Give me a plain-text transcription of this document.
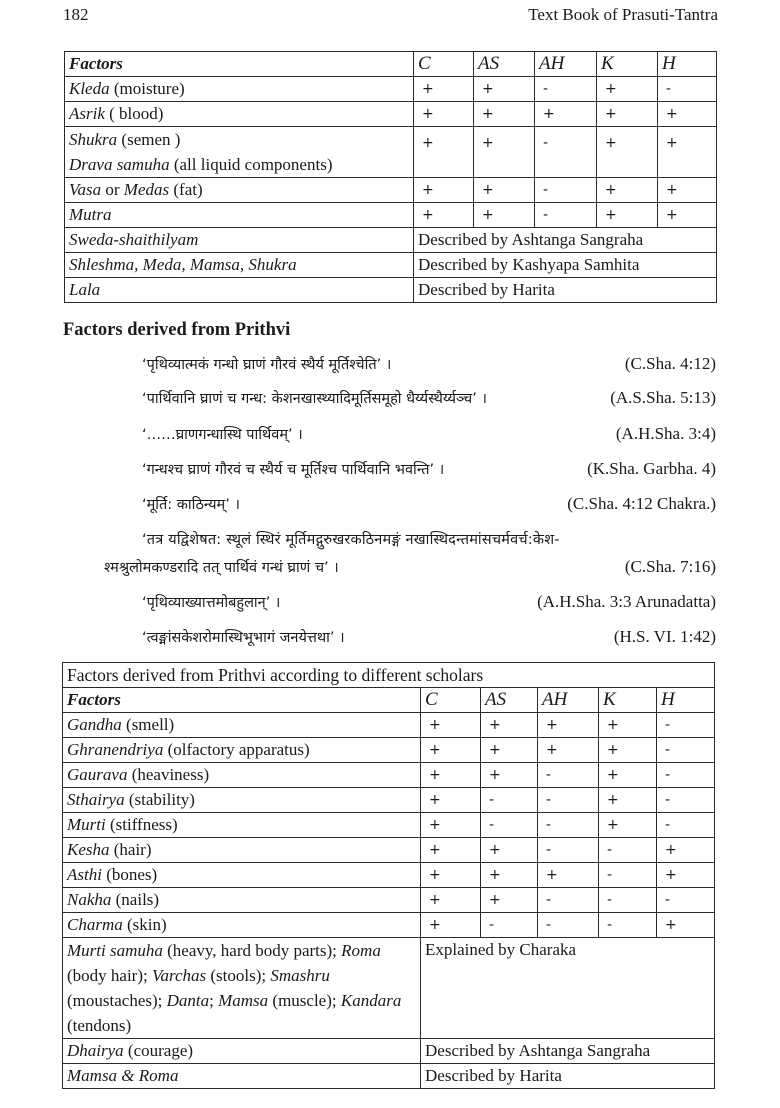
182	Text Book of Prasuti-Tantra
Factors	C	AS	AH	K	H
Kleda (moisture)	+	+	-	+	-
Asrik ( blood)	+	+	+	+	+

Shukra (semen )
Drava samuha (all liquid components)	+	+	-	+	+
Vasa or Medas (fat)	+	+	-	+	+
Mutra	+	+	-	+	+
Sweda-shaithilyam	Described by Ashtanga Sangraha				
Shleshma, Meda, Mamsa, Shukra	Described by Kashyapa Samhita				
Lala	Described by Harita				
Factors derived from Prithvi
‘पृथिव्यात्मकं गन्धो घ्राणं गौरवं स्थैर्य मूर्तिश्चेति’ ।	(C.Sha. 4:12)
‘पार्थिवानि घ्राणं च गन्ध: केशनखास्थ्यादिमूर्तिसमूहो धैर्य्यस्थैर्य्यञ्च’ ।	(A.S.Sha. 5:13)
‘……घ्राणगन्धास्थि पार्थिवम्’ ।	(A.H.Sha. 3:4)
‘गन्धश्च घ्राणं गौरवं च स्थैर्य च मूर्तिश्च पार्थिवानि भवन्ति’ ।	(K.Sha. Garbha. 4)
‘मूर्ति: काठिन्यम्’ ।	(C.Sha. 4:12 Chakra.)
‘तत्र यद्विशेषत: स्थूलं स्थिरं मूर्तिमद्गुरुखरकठिनमङ्गं नखास्थिदन्तमांसचर्मवर्च:केश-
श्मश्रुलोमकण्डरादि तत् पार्थिवं गन्धं घ्राणं च’ ।	(C.Sha. 7:16)
‘पृथिव्याख्यात्तमोबहुलान्’ ।	(A.H.Sha. 3:3 Arunadatta)
‘त्वङ्मांसकेशरोमास्थिभूभागं जनयेत्तथा’ ।	(H.S. VI. 1:42)
Factors derived from Prithvi according to different scholars					
Factors	C	AS	AH	K	H
Gandha (smell)	+	+	+	+	-
Ghranendriya (olfactory apparatus)	+	+	+	+	-
Gaurava (heaviness)	+	+	-	+	-
Sthairya (stability)	+	-	-	+	-
Murti (stiffness)	+	-	-	+	-
Kesha (hair)	+	+	-	-	+
Asthi (bones)	+	+	+	-	+
Nakha (nails)	+	+	-	-	-
Charma (skin)	+	-	-	-	+
Murti samuha (heavy, hard body parts); Roma (body hair); Varchas (stools); Smashru (moustaches); Danta; Mamsa (muscle); Kandara (tendons)	Explained by Charaka				
Dhairya (courage)	Described by Ashtanga Sangraha				
Mamsa & Roma	Described by Harita				
